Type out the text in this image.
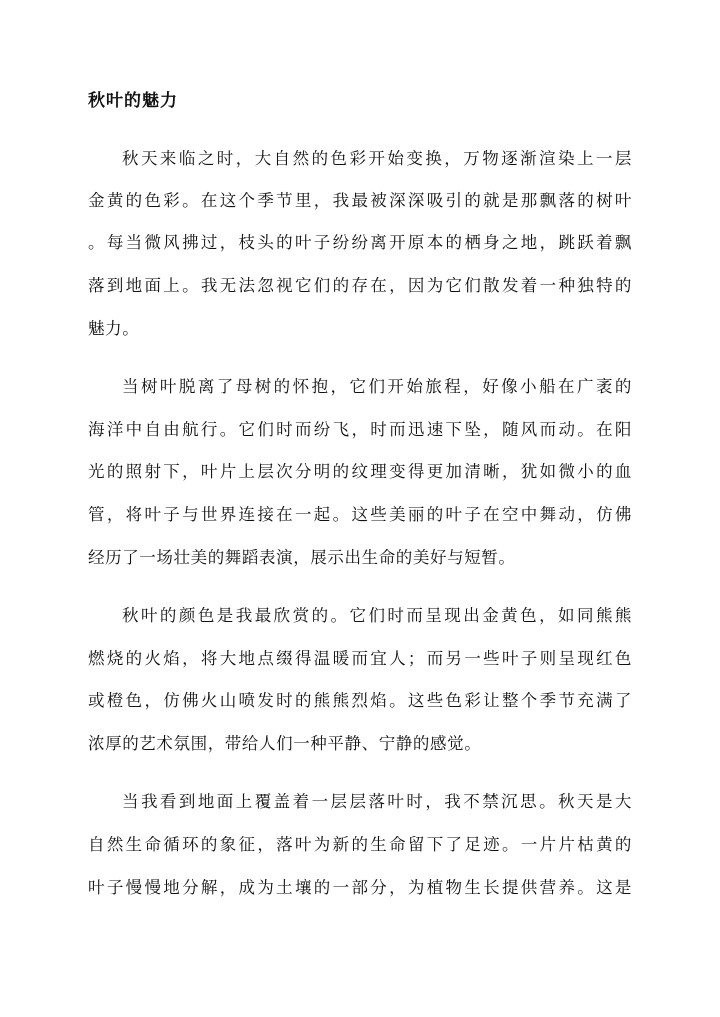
秋叶的魅力
秋天来临之时，大自然的色彩开始变换，万物逐渐渲染上一层
金黄的色彩。在这个季节里，我最被深深吸引的就是那飘落的树叶
。每当微风拂过，枝头的叶子纷纷离开原本的栖身之地，跳跃着飘
落到地面上。我无法忽视它们的存在，因为它们散发着一种独特的
魅力。
当树叶脱离了母树的怀抱，它们开始旅程，好像小船在广袤的
海洋中自由航行。它们时而纷飞，时而迅速下坠，随风而动。在阳
光的照射下，叶片上层次分明的纹理变得更加清晰，犹如微小的血
管，将叶子与世界连接在一起。这些美丽的叶子在空中舞动，仿佛
经历了一场壮美的舞蹈表演，展示出生命的美好与短暂。
秋叶的颜色是我最欣赏的。它们时而呈现出金黄色，如同熊熊
燃烧的火焰，将大地点缀得温暖而宜人；而另一些叶子则呈现红色
或橙色，仿佛火山喷发时的熊熊烈焰。这些色彩让整个季节充满了
浓厚的艺术氛围，带给人们一种平静、宁静的感觉。
当我看到地面上覆盖着一层层落叶时，我不禁沉思。秋天是大
自然生命循环的象征，落叶为新的生命留下了足迹。一片片枯黄的
叶子慢慢地分解，成为土壤的一部分，为植物生长提供营养。这是
